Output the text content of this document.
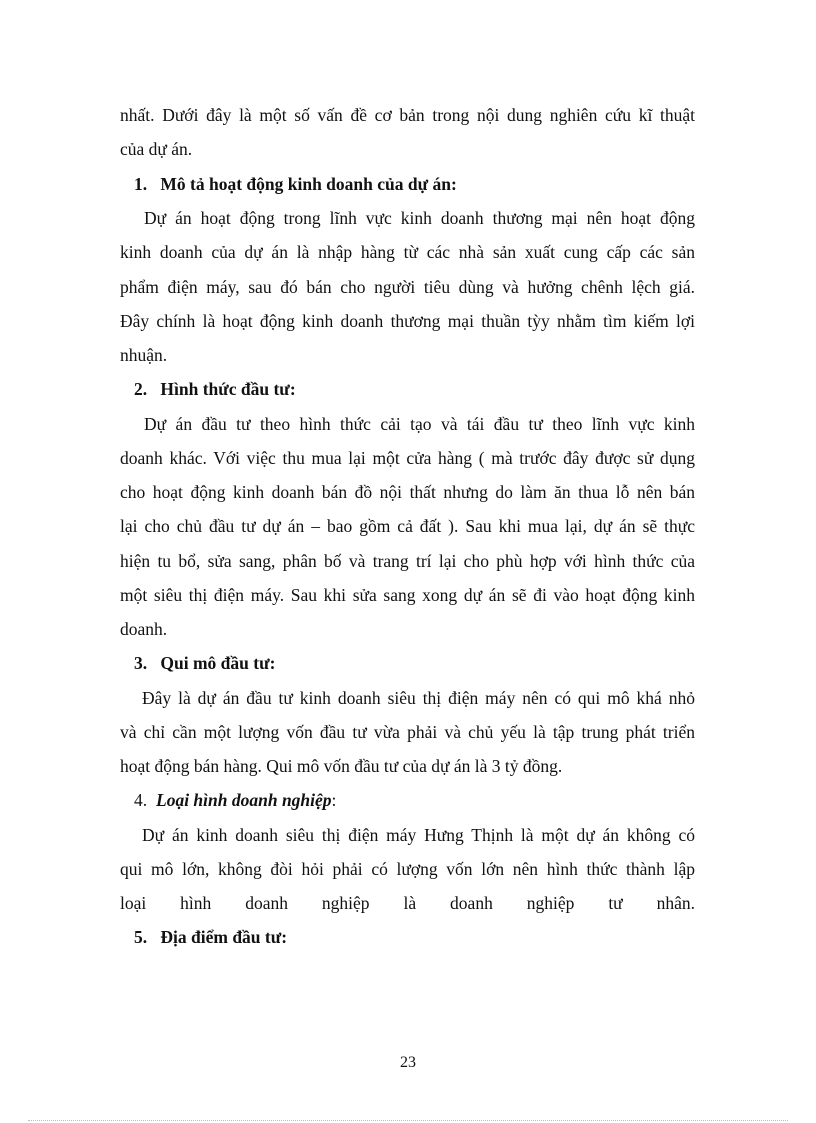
nhất. Dưới đây là một số vấn đề cơ bản trong nội dung nghiên cứu kĩ thuật
của dự án.
1. Mô tả hoạt động kinh doanh của dự án:
Dự án hoạt động trong lĩnh vực kinh doanh thương mại nên hoạt động
kinh doanh của dự án là nhập hàng từ các nhà sản xuất cung cấp các sản
phẩm điện máy, sau đó bán cho người tiêu dùng và hưởng chênh lệch giá.
Đây chính là hoạt động kinh doanh thương mại thuần tỳy nhằm tìm kiếm lợi
nhuận.
2. Hình thức đầu tư:
Dự án đầu tư theo hình thức cải tạo và tái đầu tư theo lĩnh vực kinh
doanh khác. Với việc thu mua lại một cửa hàng ( mà trước đây được sử dụng
cho hoạt động kinh doanh bán đồ nội thất nhưng do làm ăn thua lỗ nên bán
lại cho chủ đầu tư dự án – bao gồm cả đất ). Sau khi mua lại, dự án sẽ thực
hiện tu bổ, sửa sang, phân bố và trang trí lại cho phù hợp với hình thức của
một siêu thị điện máy. Sau khi sửa sang xong dự án sẽ đi vào hoạt động kinh
doanh.
3. Qui mô đầu tư:
Đây là dự án đầu tư kinh doanh siêu thị điện máy nên có qui mô khá nhỏ
và chỉ cần một lượng vốn đầu tư vừa phải và chủ yếu là tập trung phát triển
hoạt động bán hàng. Qui mô vốn đầu tư của dự án là 3 tỷ đồng.
4. Loại hình doanh nghiệp:
Dự án kinh doanh siêu thị điện máy Hưng Thịnh là một dự án không có
qui mô lớn, không đòi hỏi phải có lượng vốn lớn nên hình thức thành lập
loại hình doanh nghiệp là doanh nghiệp tư nhân.
5. Địa điểm đầu tư:
23
